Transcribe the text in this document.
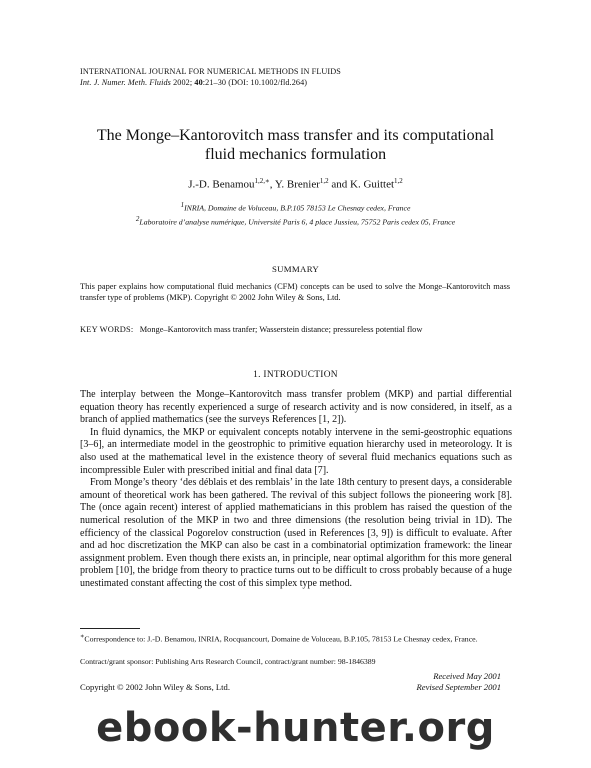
INTERNATIONAL JOURNAL FOR NUMERICAL METHODS IN FLUIDS
Int. J. Numer. Meth. Fluids 2002; 40:21–30 (DOI: 10.1002/fld.264)
The Monge–Kantorovitch mass transfer and its computational
fluid mechanics formulation
J.-D. Benamou$^{1,2,∗}$, Y. Brenier$^{1,2}$ and K. Guittet$^{1,2}$
$^1$INRIA, Domaine de Voluceau, B.P.105 78153 Le Chesnay cedex, France
$^2$Laboratoire d’analyse numérique, Université Paris 6, 4 place Jussieu, 75752 Paris cedex 05, France
SUMMARY
This paper explains how computational fluid mechanics (CFM) concepts can be used to solve the Monge–Kantorovitch mass transfer type of problems (MKP). Copyright © 2002 John Wiley & Sons, Ltd.
KEY WORDS: Monge–Kantorovitch mass tranfer; Wasserstein distance; pressureless potential flow
1. INTRODUCTION

The interplay between the Monge–Kantorovitch mass transfer problem (MKP) and partial differential equation theory has recently experienced a surge of research activity and is now considered, in itself, as a branch of applied mathematics (see the surveys References [1, 2]).

In fluid dynamics, the MKP or equivalent concepts notably intervene in the semi-geostrophic equations [3–6], an intermediate model in the geostrophic to primitive equation hierarchy used in meteorology. It is also used at the mathematical level in the existence theory of several fluid mechanics equations such as incompressible Euler with prescribed initial and final data [7].

From Monge’s theory ‘des déblais et des remblais’ in the late 18th century to present days, a considerable amount of theoretical work has been gathered. The revival of this subject follows the pioneering work [8]. The (once again recent) interest of applied mathematicians in this problem has raised the question of the numerical resolution of the MKP in two and three dimensions (the resolution being trivial in 1D). The efficiency of the classical Pogorelov construction (used in References [3, 9]) is difficult to evaluate. After and ad hoc discretization the MKP can also be cast in a combinatorial optimization framework: the linear assignment problem. Even though there exists an, in principle, near optimal algorithm for this more general problem [10], the bridge from theory to practice turns out to be difficult to cross probably because of a huge unestimated constant affecting the cost of this simplex type method.

∗Correspondence to: J.-D. Benamou, INRIA, Rocquancourt, Domaine de Voluceau, B.P.105, 78153 Le Chesnay cedex, France.
Contract/grant sponsor: Publishing Arts Research Council, contract/grant number: 98-1846389
Received May 2001
Revised September 2001
Copyright © 2002 John Wiley & Sons, Ltd.
ebook-hunter.org
